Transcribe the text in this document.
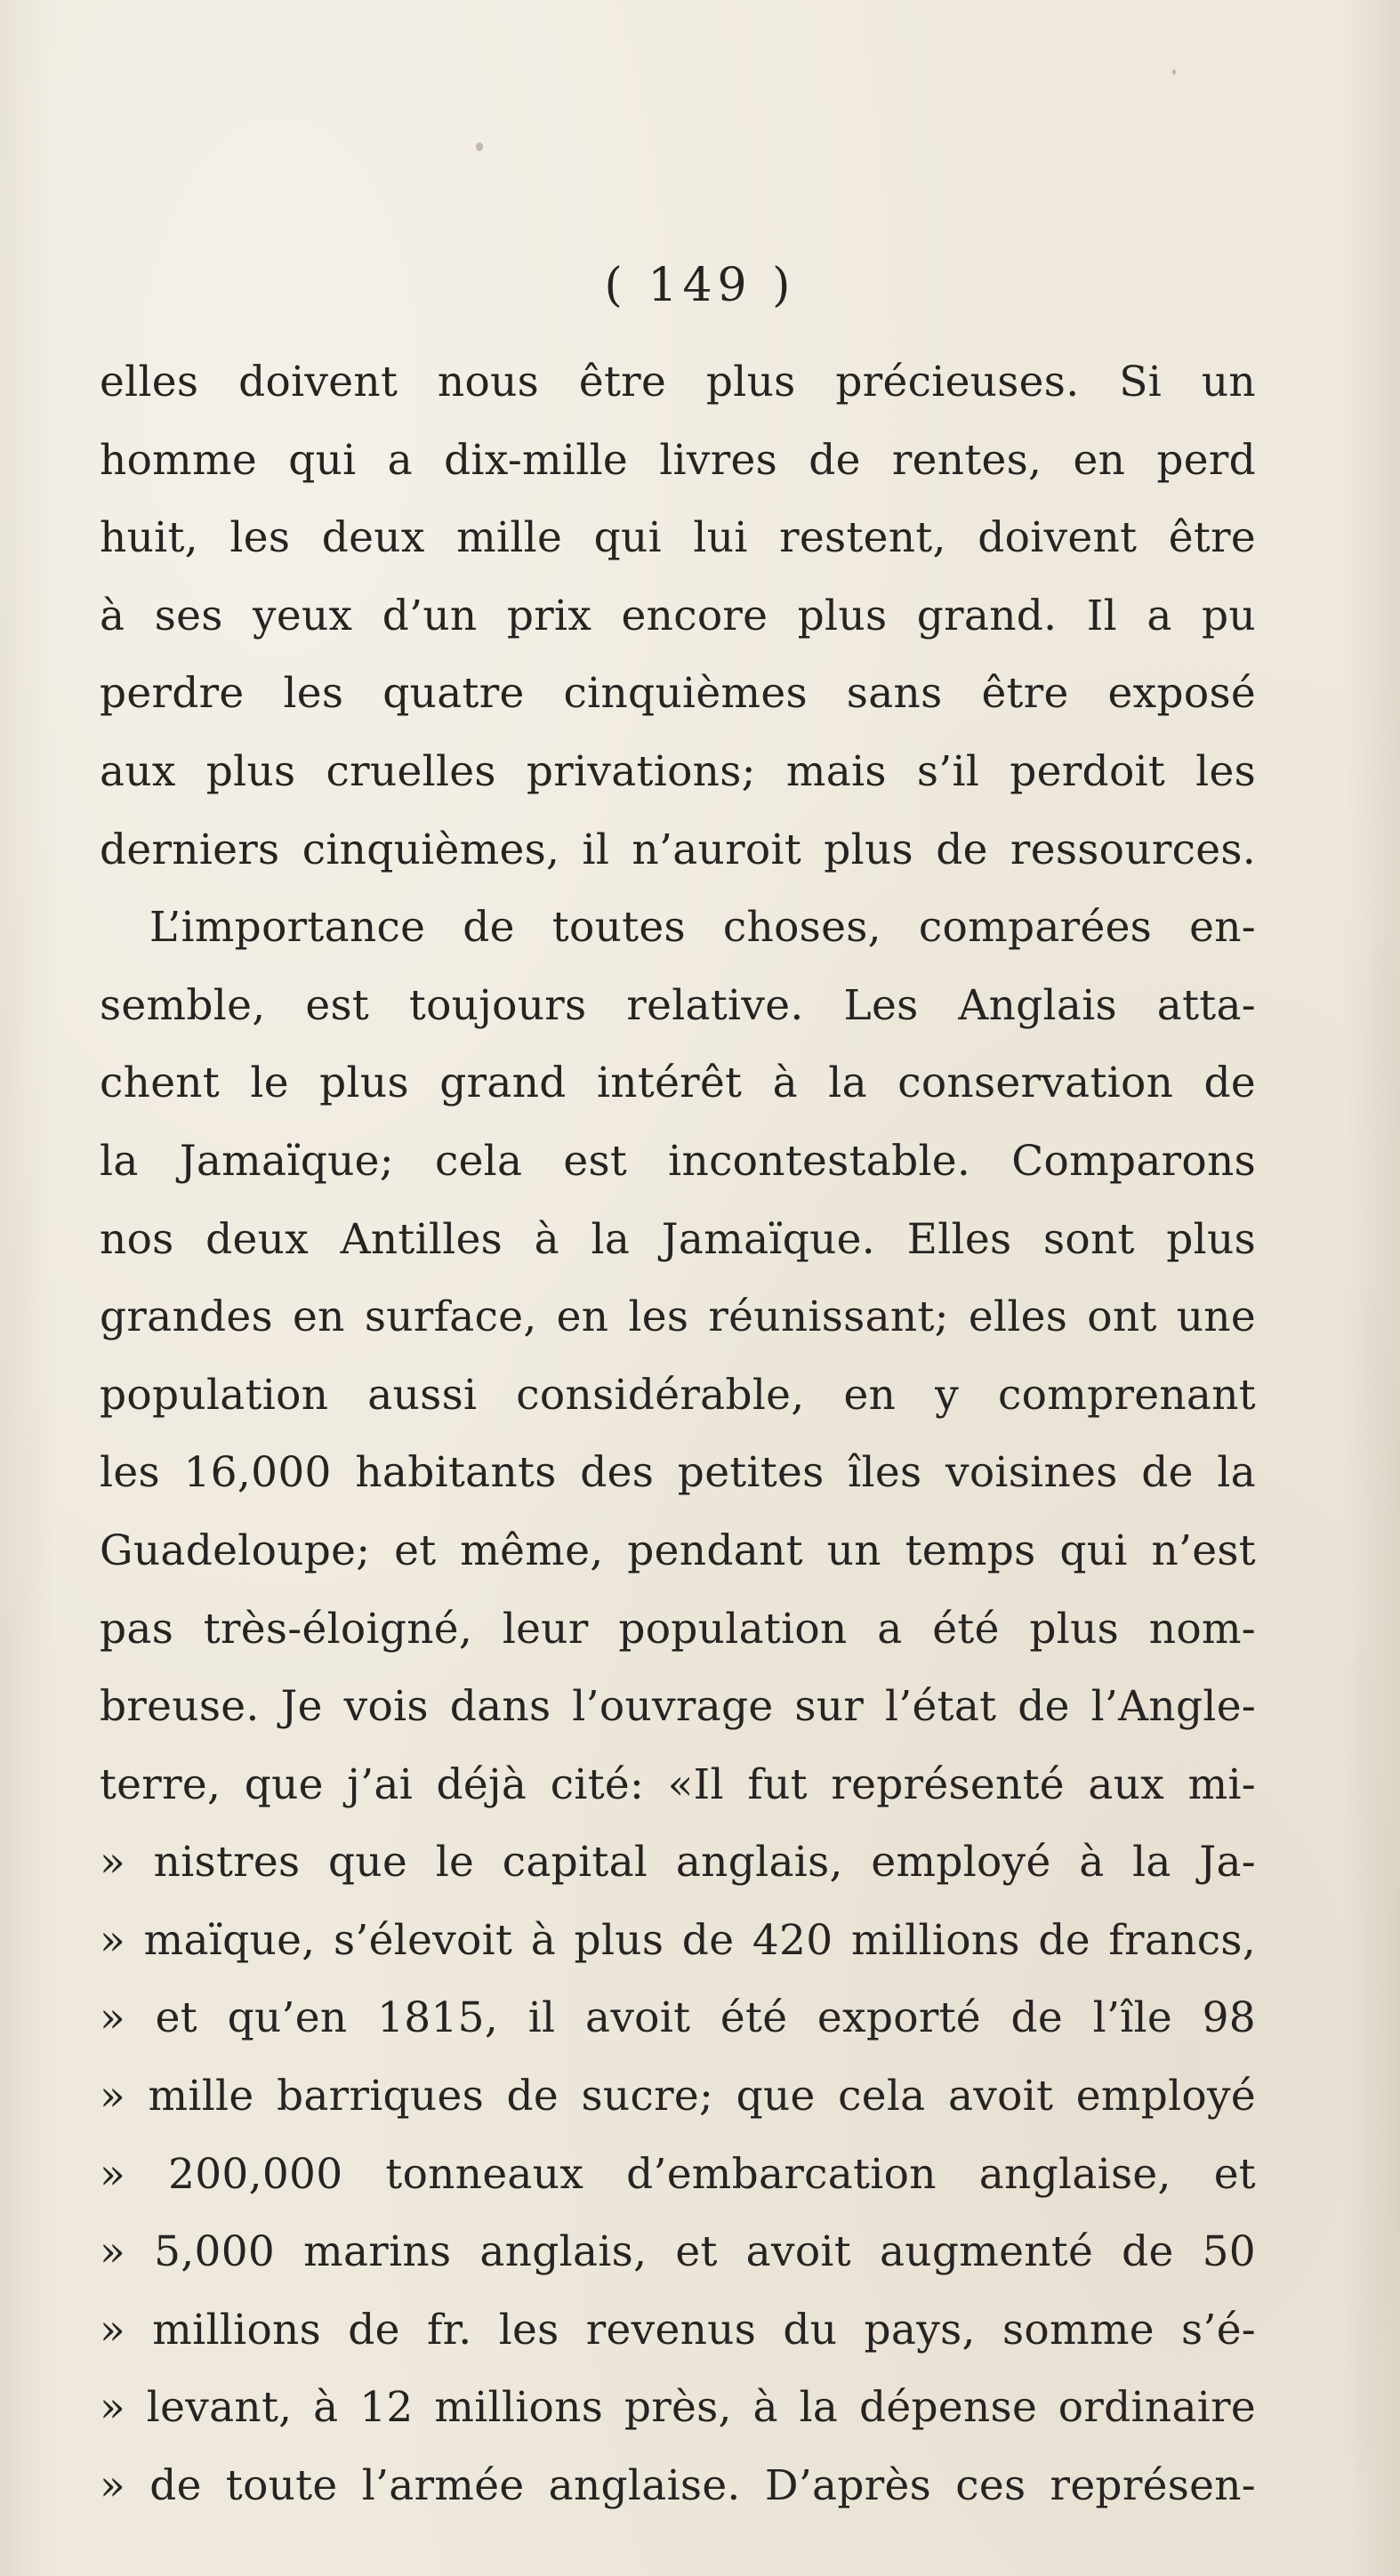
( 149 )
elles doivent nous être plus précieuses. Si un
homme qui a dix-mille livres de rentes, en perd
huit, les deux mille qui lui restent, doivent être
à ses yeux d’un prix encore plus grand. Il a pu
perdre les quatre cinquièmes sans être exposé
aux plus cruelles privations; mais s’il perdoit les
derniers cinquièmes, il n’auroit plus de ressources.
L’importance de toutes choses, comparées en-
semble, est toujours relative. Les Anglais atta-
chent le plus grand intérêt à la conservation de
la Jamaïque; cela est incontestable. Comparons
nos deux Antilles à la Jamaïque. Elles sont plus
grandes en surface, en les réunissant; elles ont une
population aussi considérable, en y comprenant
les 16,000 habitants des petites îles voisines de la
Guadeloupe; et même, pendant un temps qui n’est
pas très-éloigné, leur population a été plus nom-
breuse. Je vois dans l’ouvrage sur l’état de l’Angle-
terre, que j’ai déjà cité: «Il fut représenté aux mi-
» nistres que le capital anglais, employé à la Ja-
» maïque, s’élevoit à plus de 420 millions de francs,
» et qu’en 1815, il avoit été exporté de l’île 98
» mille barriques de sucre; que cela avoit employé
» 200,000 tonneaux d’embarcation anglaise, et
» 5,000 marins anglais, et avoit augmenté de 50
» millions de fr. les revenus du pays, somme s’é-
» levant, à 12 millions près, à la dépense ordinaire
» de toute l’armée anglaise. D’après ces représen-
